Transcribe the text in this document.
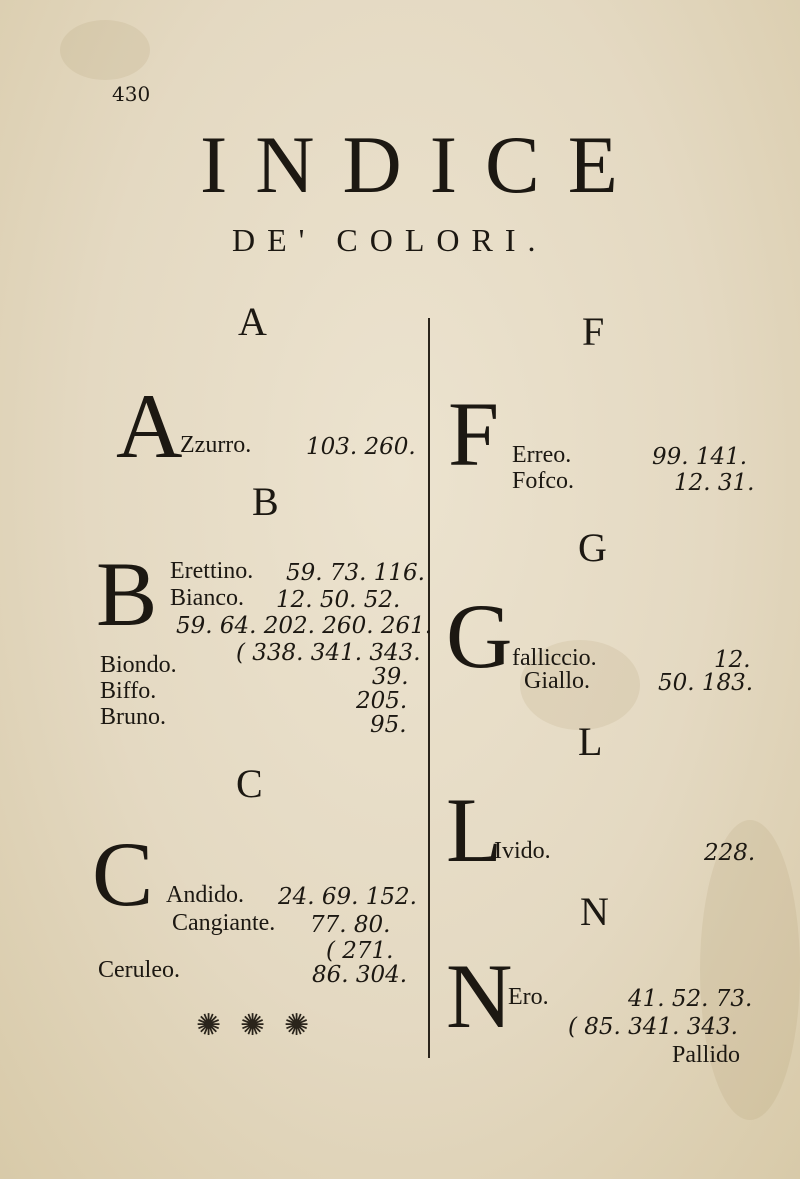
430
INDICE
DE' COLORI.
A
A
Zzurro. 103. 260.
B
B Erettino. 59. 73. 116.
Bianco. 12. 50. 52.
59. 64. 202. 260. 261.
( 338. 341. 343.
Biondo.	39.
Biffo.	205.
Bruno.	95.
C
C Andido. 24. 69. 152.
Cangiante. 77. 80.
( 271.
Ceruleo.	86. 304.
✺ ✺ ✺
F
F Erreo.	99. 141.
Fofco.	12. 31.
G
G falliccio.	12.
Giallo.	50. 183.
L
L
Ivido.	228.
N
N
Ero.	41. 52. 73.
( 85. 341. 343.
Pallido
